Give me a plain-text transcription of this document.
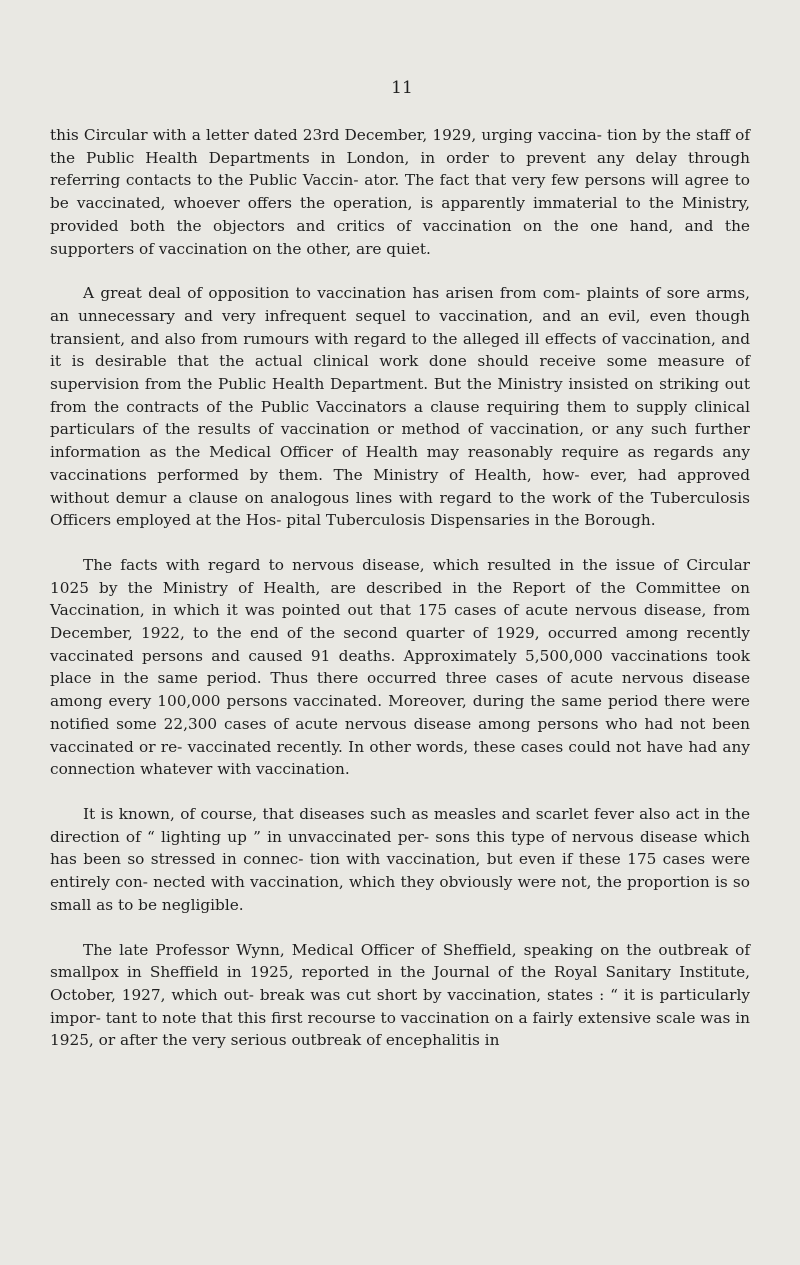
11

this Circular with a letter dated 23rd December, 1929, urging vaccina- tion by the staff of the Public Health Departments in London, in order to prevent any delay through referring contacts to the Public Vaccin- ator. The fact that very few persons will agree to be vaccinated, whoever offers the operation, is apparently immaterial to the Ministry, provided both the objectors and critics of vaccination on the one hand, and the supporters of vaccination on the other, are quiet.

A great deal of opposition to vaccination has arisen from com- plaints of sore arms, an unnecessary and very infrequent sequel to vaccination, and an evil, even though transient, and also from rumours with regard to the alleged ill effects of vaccination, and it is desirable that the actual clinical work done should receive some measure of supervision from the Public Health Department. But the Ministry insisted on striking out from the contracts of the Public Vaccinators a clause requiring them to supply clinical particulars of the results of vaccination or method of vaccination, or any such further information as the Medical Officer of Health may reasonably require as regards any vaccinations performed by them. The Ministry of Health, how- ever, had approved without demur a clause on analogous lines with regard to the work of the Tuberculosis Officers employed at the Hos- pital Tuberculosis Dispensaries in the Borough.

The facts with regard to nervous disease, which resulted in the issue of Circular 1025 by the Ministry of Health, are described in the Report of the Committee on Vaccination, in which it was pointed out that 175 cases of acute nervous disease, from December, 1922, to the end of the second quarter of 1929, occurred among recently vaccinated persons and caused 91 deaths. Approximately 5,500,000 vaccinations took place in the same period. Thus there occurred three cases of acute nervous disease among every 100,000 persons vaccinated. Moreover, during the same period there were notified some 22,300 cases of acute nervous disease among persons who had not been vaccinated or re- vaccinated recently. In other words, these cases could not have had any connection whatever with vaccination.

It is known, of course, that diseases such as measles and scarlet fever also act in the direction of “ lighting up ” in unvaccinated per- sons this type of nervous disease which has been so stressed in connec- tion with vaccination, but even if these 175 cases were entirely con- nected with vaccination, which they obviously were not, the proportion is so small as to be negligible.

The late Professor Wynn, Medical Officer of Sheffield, speaking on the outbreak of smallpox in Sheffield in 1925, reported in the Journal of the Royal Sanitary Institute, October, 1927, which out- break was cut short by vaccination, states : “ it is particularly impor- tant to note that this first recourse to vaccination on a fairly extensive scale was in 1925, or after the very serious outbreak of encephalitis in
